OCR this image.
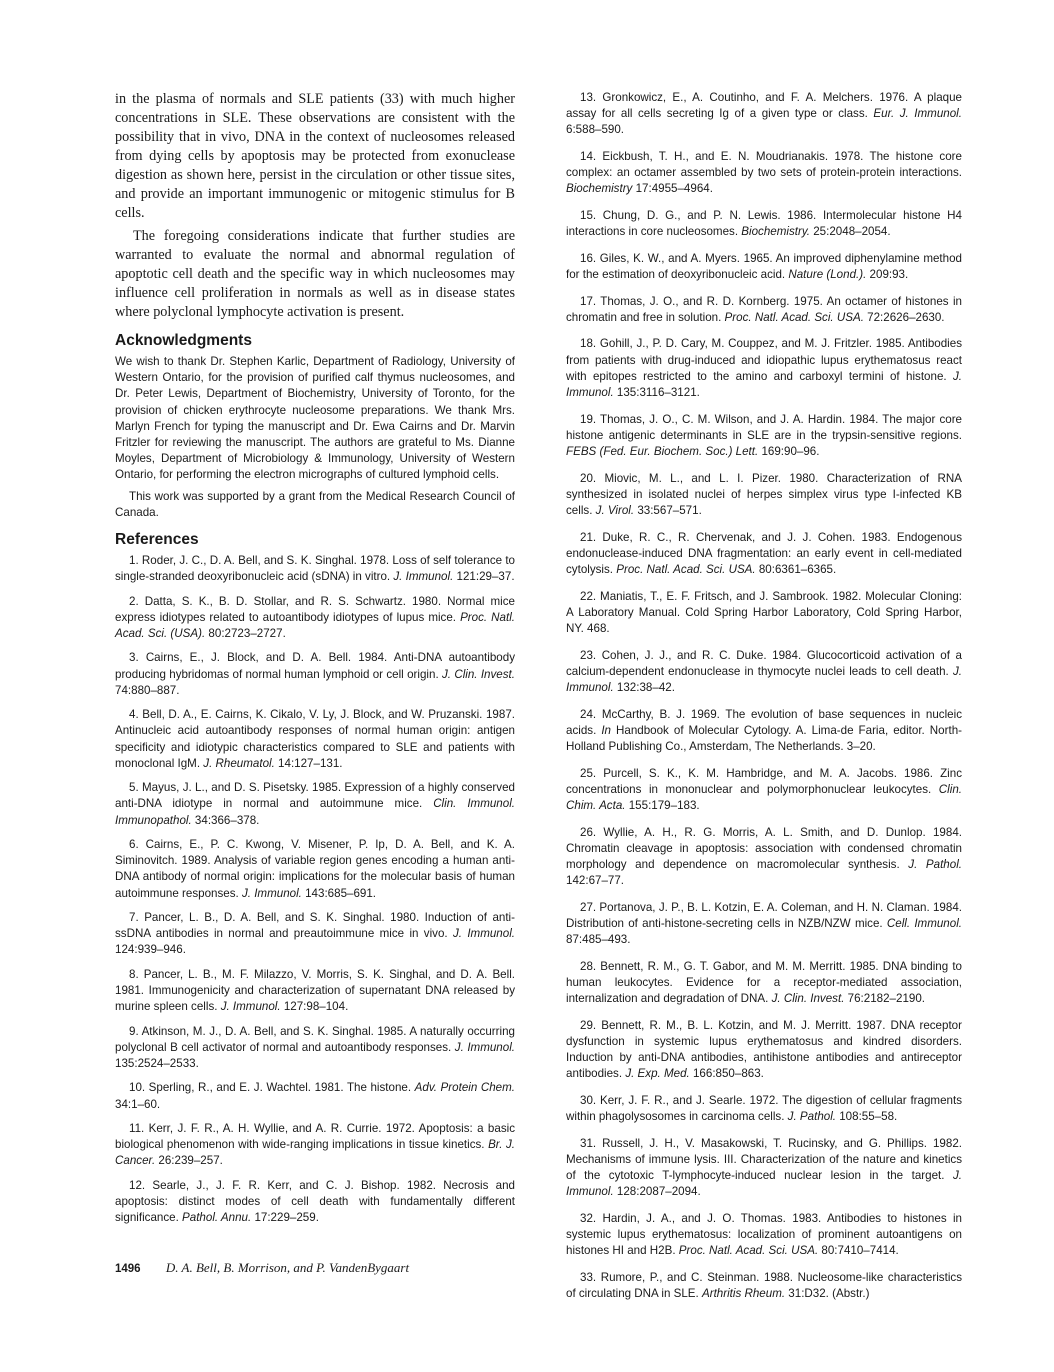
in the plasma of normals and SLE patients (33) with much higher concentrations in SLE. These observations are consistent with the possibility that in vivo, DNA in the context of nucleosomes released from dying cells by apoptosis may be protected from exonuclease digestion as shown here, persist in the circulation or other tissue sites, and provide an important immunogenic or mitogenic stimulus for B cells.

The foregoing considerations indicate that further studies are warranted to evaluate the normal and abnormal regulation of apoptotic cell death and the specific way in which nucleosomes may influence cell proliferation in normals as well as in disease states where polyclonal lymphocyte activation is present.

Acknowledgments

We wish to thank Dr. Stephen Karlic, Department of Radiology, University of Western Ontario, for the provision of purified calf thymus nucleosomes, and Dr. Peter Lewis, Department of Biochemistry, University of Toronto, for the provision of chicken erythrocyte nucleosome preparations. We thank Mrs. Marlyn French for typing the manuscript and Dr. Ewa Cairns and Dr. Marvin Fritzler for reviewing the manuscript. The authors are grateful to Ms. Dianne Moyles, Department of Microbiology & Immunology, University of Western Ontario, for performing the electron micrographs of cultured lymphoid cells.

This work was supported by a grant from the Medical Research Council of Canada.

References

1. Roder, J. C., D. A. Bell, and S. K. Singhal. 1978. Loss of self tolerance to single-stranded deoxyribonucleic acid (sDNA) in vitro. J. Immunol. 121:29–37.

2. Datta, S. K., B. D. Stollar, and R. S. Schwartz. 1980. Normal mice express idiotypes related to autoantibody idiotypes of lupus mice. Proc. Natl. Acad. Sci. (USA). 80:2723–2727.

3. Cairns, E., J. Block, and D. A. Bell. 1984. Anti-DNA autoantibody producing hybridomas of normal human lymphoid or cell origin. J. Clin. Invest. 74:880–887.

4. Bell, D. A., E. Cairns, K. Cikalo, V. Ly, J. Block, and W. Pruzanski. 1987. Antinucleic acid autoantibody responses of normal human origin: antigen specificity and idiotypic characteristics compared to SLE and patients with monoclonal IgM. J. Rheumatol. 14:127–131.

5. Mayus, J. L., and D. S. Pisetsky. 1985. Expression of a highly conserved anti-DNA idiotype in normal and autoimmune mice. Clin. Immunol. Immunopathol. 34:366–378.

6. Cairns, E., P. C. Kwong, V. Misener, P. Ip, D. A. Bell, and K. A. Siminovitch. 1989. Analysis of variable region genes encoding a human anti-DNA antibody of normal origin: implications for the molecular basis of human autoimmune responses. J. Immunol. 143:685–691.

7. Pancer, L. B., D. A. Bell, and S. K. Singhal. 1980. Induction of anti-ssDNA antibodies in normal and preautoimmune mice in vivo. J. Immunol. 124:939–946.

8. Pancer, L. B., M. F. Milazzo, V. Morris, S. K. Singhal, and D. A. Bell. 1981. Immunogenicity and characterization of supernatant DNA released by murine spleen cells. J. Immunol. 127:98–104.

9. Atkinson, M. J., D. A. Bell, and S. K. Singhal. 1985. A naturally occurring polyclonal B cell activator of normal and autoantibody responses. J. Immunol. 135:2524–2533.

10. Sperling, R., and E. J. Wachtel. 1981. The histone. Adv. Protein Chem. 34:1–60.

11. Kerr, J. F. R., A. H. Wyllie, and A. R. Currie. 1972. Apoptosis: a basic biological phenomenon with wide-ranging implications in tissue kinetics. Br. J. Cancer. 26:239–257.

12. Searle, J., J. F. R. Kerr, and C. J. Bishop. 1982. Necrosis and apoptosis: distinct modes of cell death with fundamentally different significance. Pathol. Annu. 17:229–259.

13. Gronkowicz, E., A. Coutinho, and F. A. Melchers. 1976. A plaque assay for all cells secreting Ig of a given type or class. Eur. J. Immunol. 6:588–590.

14. Eickbush, T. H., and E. N. Moudrianakis. 1978. The histone core complex: an octamer assembled by two sets of protein-protein interactions. Biochemistry 17:4955–4964.

15. Chung, D. G., and P. N. Lewis. 1986. Intermolecular histone H4 interactions in core nucleosomes. Biochemistry. 25:2048–2054.

16. Giles, K. W., and A. Myers. 1965. An improved diphenylamine method for the estimation of deoxyribonucleic acid. Nature (Lond.). 209:93.

17. Thomas, J. O., and R. D. Kornberg. 1975. An octamer of histones in chromatin and free in solution. Proc. Natl. Acad. Sci. USA. 72:2626–2630.

18. Gohill, J., P. D. Cary, M. Couppez, and M. J. Fritzler. 1985. Antibodies from patients with drug-induced and idiopathic lupus erythematosus react with epitopes restricted to the amino and carboxyl termini of histone. J. Immunol. 135:3116–3121.

19. Thomas, J. O., C. M. Wilson, and J. A. Hardin. 1984. The major core histone antigenic determinants in SLE are in the trypsin-sensitive regions. FEBS (Fed. Eur. Biochem. Soc.) Lett. 169:90–96.

20. Miovic, M. L., and L. I. Pizer. 1980. Characterization of RNA synthesized in isolated nuclei of herpes simplex virus type I-infected KB cells. J. Virol. 33:567–571.

21. Duke, R. C., R. Chervenak, and J. J. Cohen. 1983. Endogenous endonuclease-induced DNA fragmentation: an early event in cell-mediated cytolysis. Proc. Natl. Acad. Sci. USA. 80:6361–6365.

22. Maniatis, T., E. F. Fritsch, and J. Sambrook. 1982. Molecular Cloning: A Laboratory Manual. Cold Spring Harbor Laboratory, Cold Spring Harbor, NY. 468.

23. Cohen, J. J., and R. C. Duke. 1984. Glucocorticoid activation of a calcium-dependent endonuclease in thymocyte nuclei leads to cell death. J. Immunol. 132:38–42.

24. McCarthy, B. J. 1969. The evolution of base sequences in nucleic acids. In Handbook of Molecular Cytology. A. Lima-de Faria, editor. North-Holland Publishing Co., Amsterdam, The Netherlands. 3–20.

25. Purcell, S. K., K. M. Hambridge, and M. A. Jacobs. 1986. Zinc concentrations in mononuclear and polymorphonuclear leukocytes. Clin. Chim. Acta. 155:179–183.

26. Wyllie, A. H., R. G. Morris, A. L. Smith, and D. Dunlop. 1984. Chromatin cleavage in apoptosis: association with condensed chromatin morphology and dependence on macromolecular synthesis. J. Pathol. 142:67–77.

27. Portanova, J. P., B. L. Kotzin, E. A. Coleman, and H. N. Claman. 1984. Distribution of anti-histone-secreting cells in NZB/NZW mice. Cell. Immunol. 87:485–493.

28. Bennett, R. M., G. T. Gabor, and M. M. Merritt. 1985. DNA binding to human leukocytes. Evidence for a receptor-mediated association, internalization and degradation of DNA. J. Clin. Invest. 76:2182–2190.

29. Bennett, R. M., B. L. Kotzin, and M. J. Merritt. 1987. DNA receptor dysfunction in systemic lupus erythematosus and kindred disorders. Induction by anti-DNA antibodies, antihistone antibodies and antireceptor antibodies. J. Exp. Med. 166:850–863.

30. Kerr, J. F. R., and J. Searle. 1972. The digestion of cellular fragments within phagolysosomes in carcinoma cells. J. Pathol. 108:55–58.

31. Russell, J. H., V. Masakowski, T. Rucinsky, and G. Phillips. 1982. Mechanisms of immune lysis. III. Characterization of the nature and kinetics of the cytotoxic T-lymphocyte-induced nuclear lesion in the target. J. Immunol. 128:2087–2094.

32. Hardin, J. A., and J. O. Thomas. 1983. Antibodies to histones in systemic lupus erythematosus: localization of prominent autoantigens on histones HI and H2B. Proc. Natl. Acad. Sci. USA. 80:7410–7414.

33. Rumore, P., and C. Steinman. 1988. Nucleosome-like characteristics of circulating DNA in SLE. Arthritis Rheum. 31:D32. (Abstr.)

1496 D. A. Bell, B. Morrison, and P. VandenBygaart
